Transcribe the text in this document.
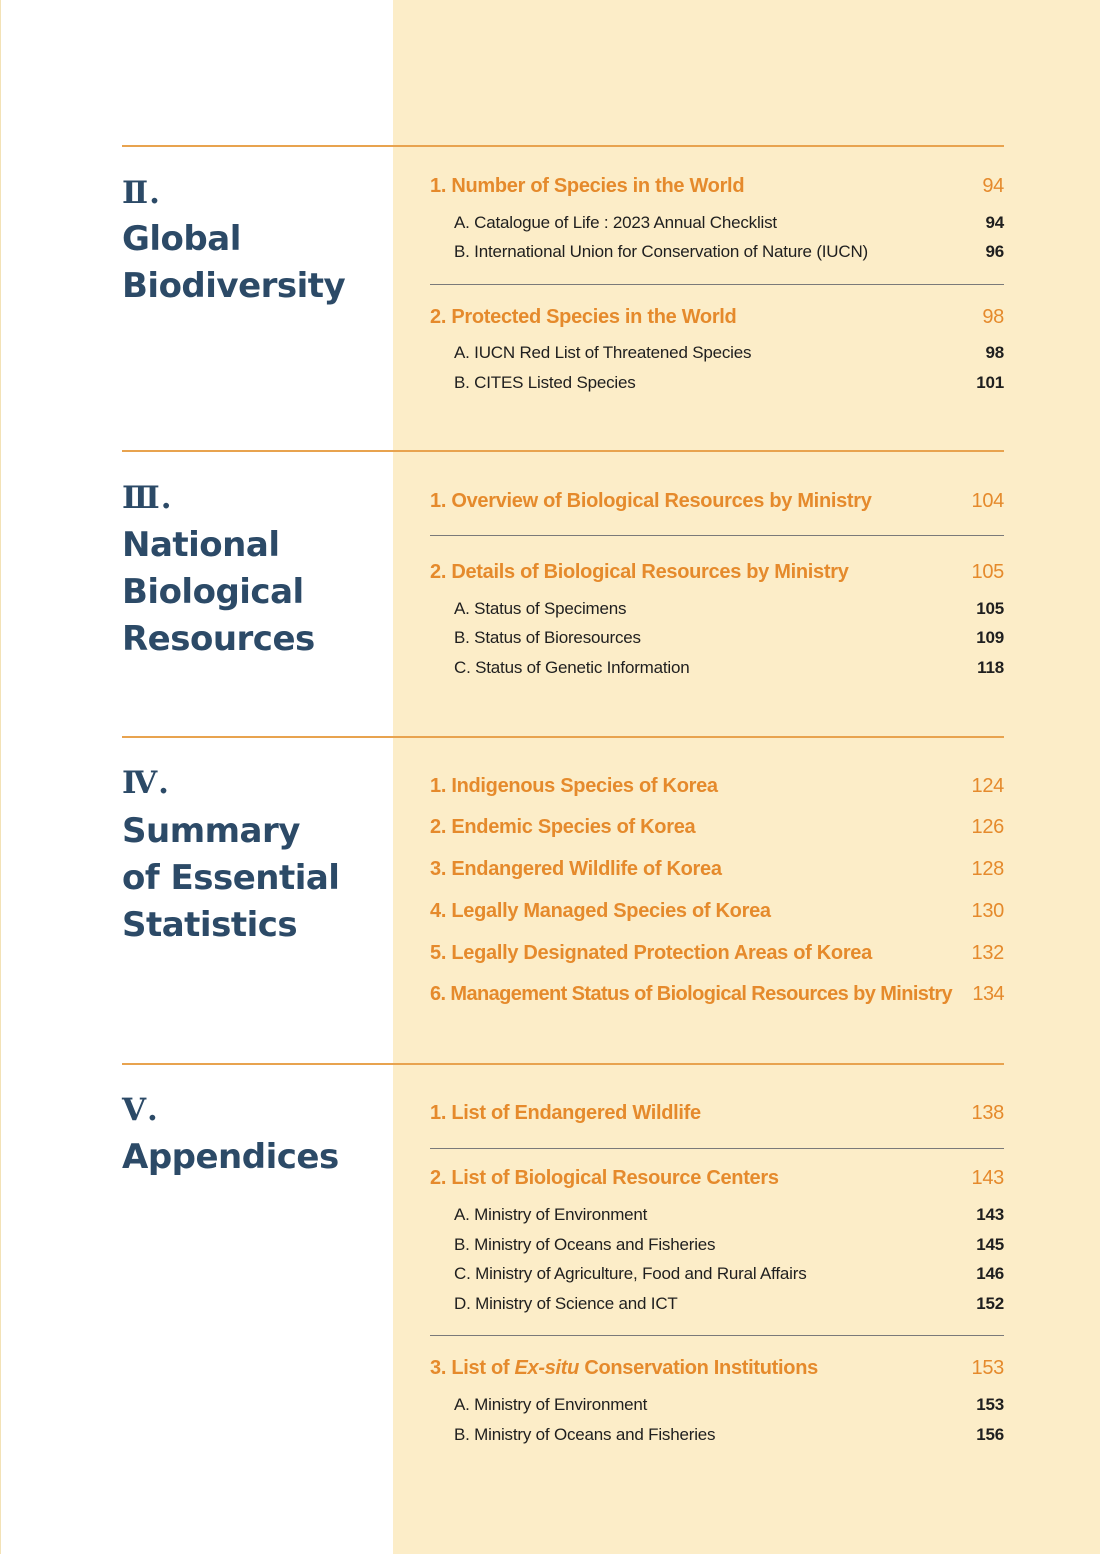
Ⅱ.
Global
Biodiversity
1. Number of Species in the World	94
A. Catalogue of Life : 2023 Annual Checklist	94
B. International Union for Conservation of Nature (IUCN)	96
2. Protected Species in the World	98
A. IUCN Red List of Threatened Species	98
B. CITES Listed Species	101
Ⅲ.
National
Biological
Resources
1. Overview of Biological Resources by Ministry	104
2. Details of Biological Resources by Ministry	105
A. Status of Specimens	105
B. Status of Bioresources	109
C. Status of Genetic Information	118
Ⅳ.
Summary
of Essential
Statistics
1. Indigenous Species of Korea	124
2. Endemic Species of Korea	126
3. Endangered Wildlife of Korea	128
4. Legally Managed Species of Korea	130
5. Legally Designated Protection Areas of Korea	132
6. Management Status of Biological Resources by Ministry 134
Ⅴ.
Appendices
1. List of Endangered Wildlife	138
2. List of Biological Resource Centers	143
A. Ministry of Environment	143
B. Ministry of Oceans and Fisheries	145
C. Ministry of Agriculture, Food and Rural Affairs	146
D. Ministry of Science and ICT	152
3. List of Ex-situ Conservation Institutions	153
A. Ministry of Environment	153
B. Ministry of Oceans and Fisheries	156
